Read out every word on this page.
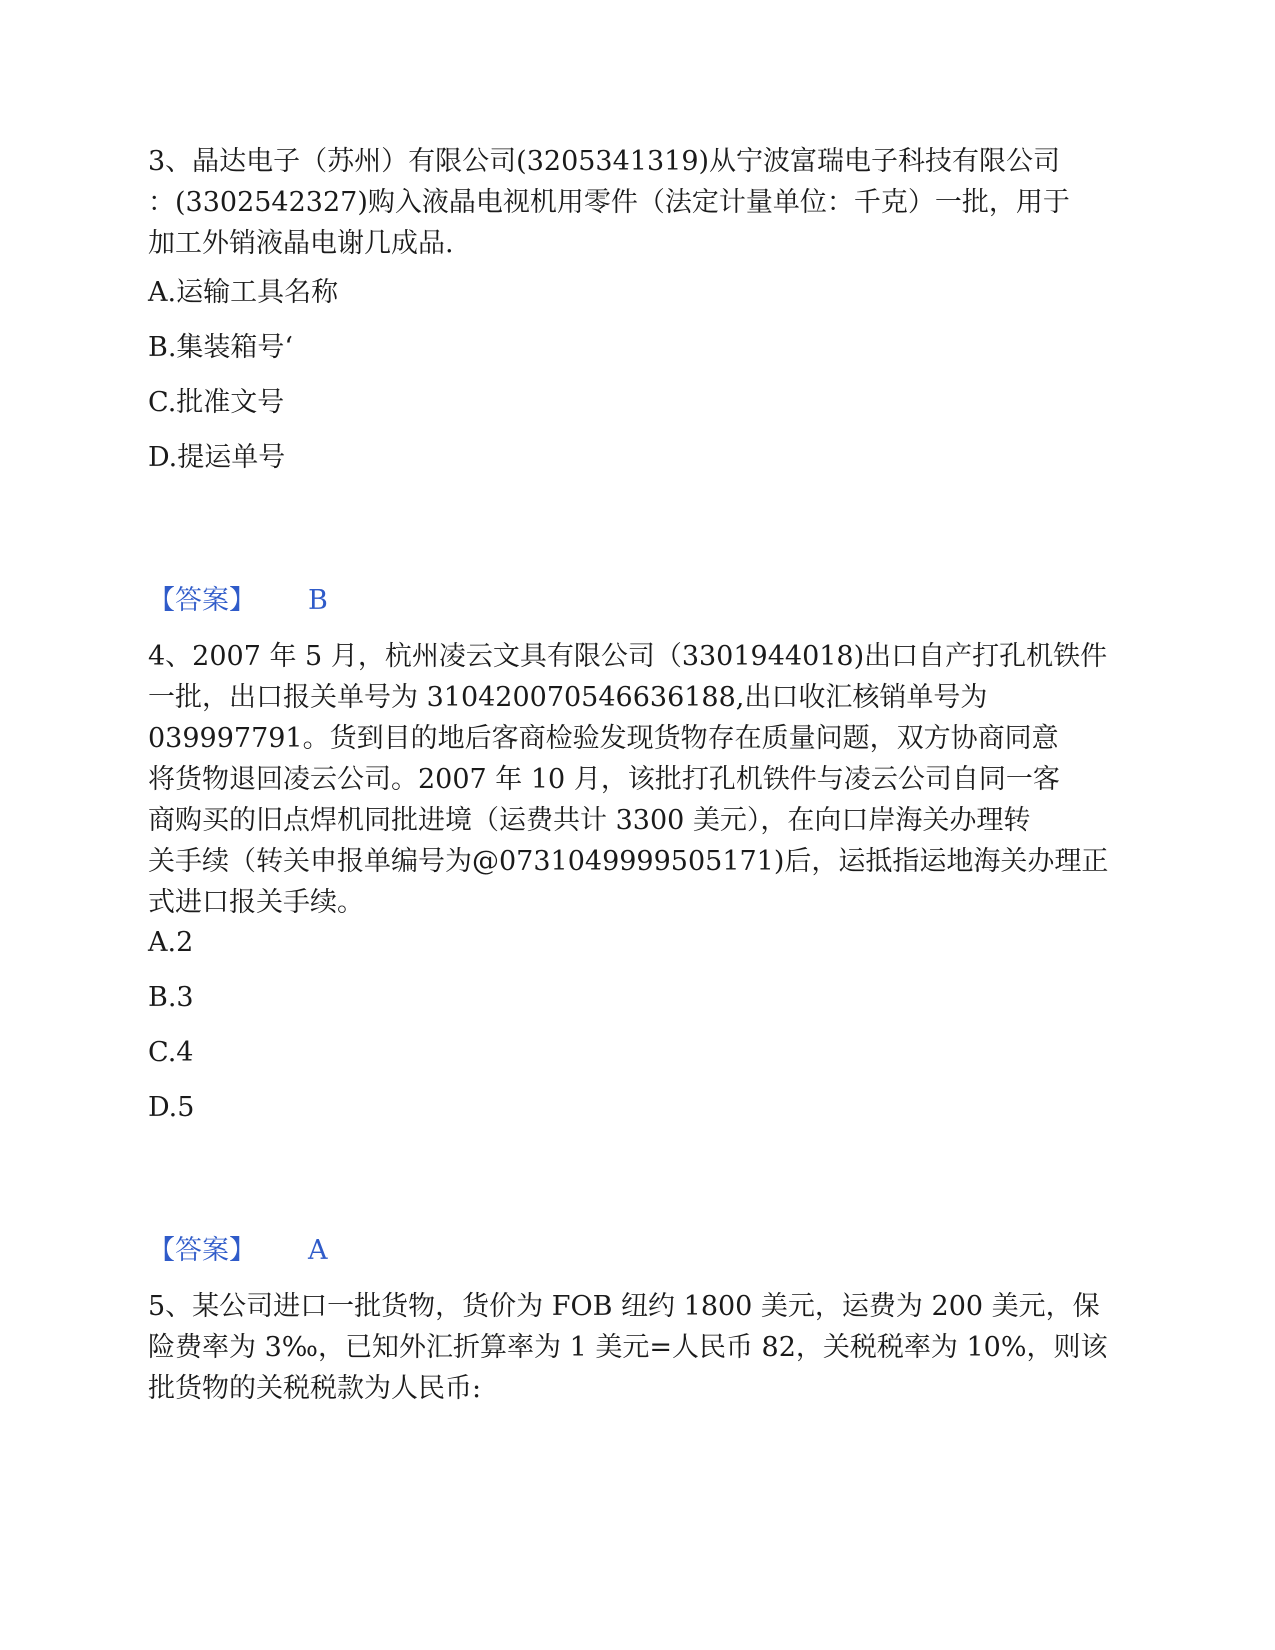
3、晶达电子（苏州）有限公司(3205341319)从宁波富瑞电子科技有限公司

：(3302542327)购入液晶电视机用零件（法定计量单位：千克）一批，用于

加工外销液晶电谢几成品.

A.运输工具名称

B.集装箱号‘

C.批准文号

D.提运单号

【答案】 B

4、2007 年 5 月，杭州凌云文具有限公司（3301944018)出口自产打孔机铁件

一批，出口报关单号为 310420070546636188,出口收汇核销单号为

039997791。货到目的地后客商检验发现货物存在质量问题，双方协商同意

将货物退回凌云公司。2007 年 10 月，该批打孔机铁件与凌云公司自同一客

商购买的旧点焊机同批进境（运费共计 3300 美元），在向口岸海关办理转

关手续（转关申报单编号为@0731049999505171)后，运抵指运地海关办理正

式进口报关手续。

A.2

B.3

C.4

D.5

【答案】 A

5、某公司进口一批货物，货价为 FOB 纽约 1800 美元，运费为 200 美元，保

险费率为 3‰，已知外汇折算率为 1 美元=人民币 82，关税税率为 10%，则该

批货物的关税税款为人民币:
